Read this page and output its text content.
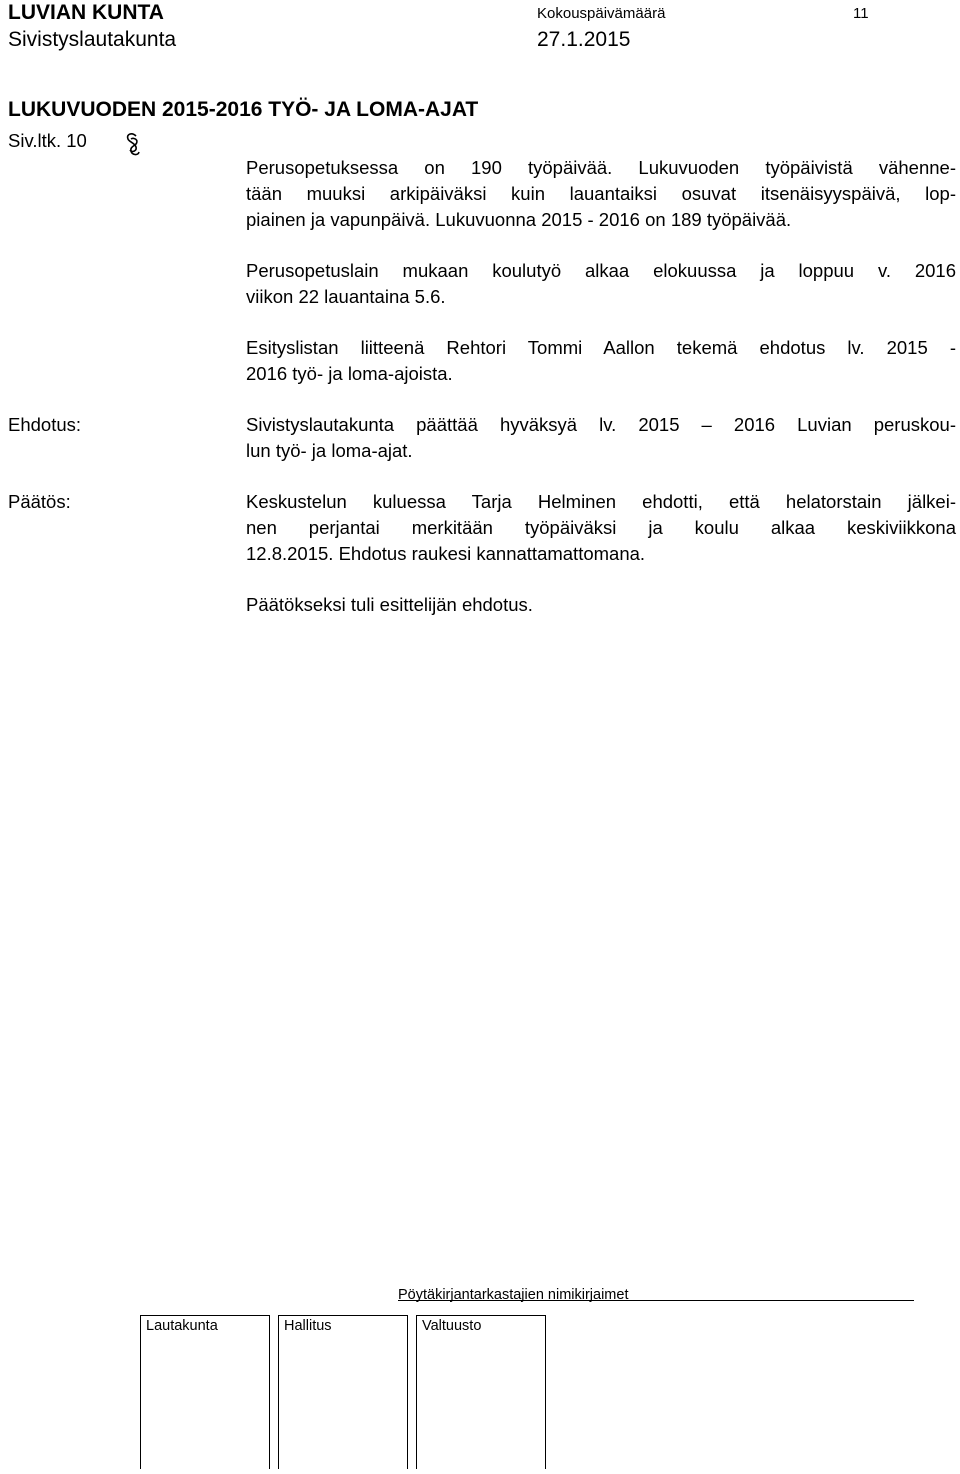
LUVIAN KUNTA
Sivistyslautakunta
Kokouspäivämäärä	11
27.1.2015
LUKUVUODEN 2015-2016 TYÖ- JA LOMA-AJAT
Siv.ltk. 10
Perusopetuksessa on 190 työpäivää. Lukuvuoden työpäivistä vähenne-
tään muuksi arkipäiväksi kuin lauantaiksi osuvat itsenäisyyspäivä, lop-
piainen ja vapunpäivä. Lukuvuonna 2015 - 2016 on 189 työpäivää.
Perusopetuslain mukaan koulutyö alkaa elokuussa ja loppuu v. 2016
viikon 22 lauantaina 5.6.
Esityslistan liitteenä Rehtori Tommi Aallon tekemä ehdotus lv. 2015 -
2016 työ- ja loma-ajoista.
Ehdotus:	Sivistyslautakunta päättää hyväksyä lv. 2015 – 2016 Luvian peruskou-
lun työ- ja loma-ajat.
Päätös:	Keskustelun kuluessa Tarja Helminen ehdotti, että helatorstain jälkei-
nen perjantai merkitään työpäiväksi ja koulu alkaa keskiviikkona
12.8.2015. Ehdotus raukesi kannattamattomana.
Päätökseksi tuli esittelijän ehdotus.
Pöytäkirjantarkastajien nimikirjaimet
Lautakunta	Hallitus	Valtuusto
